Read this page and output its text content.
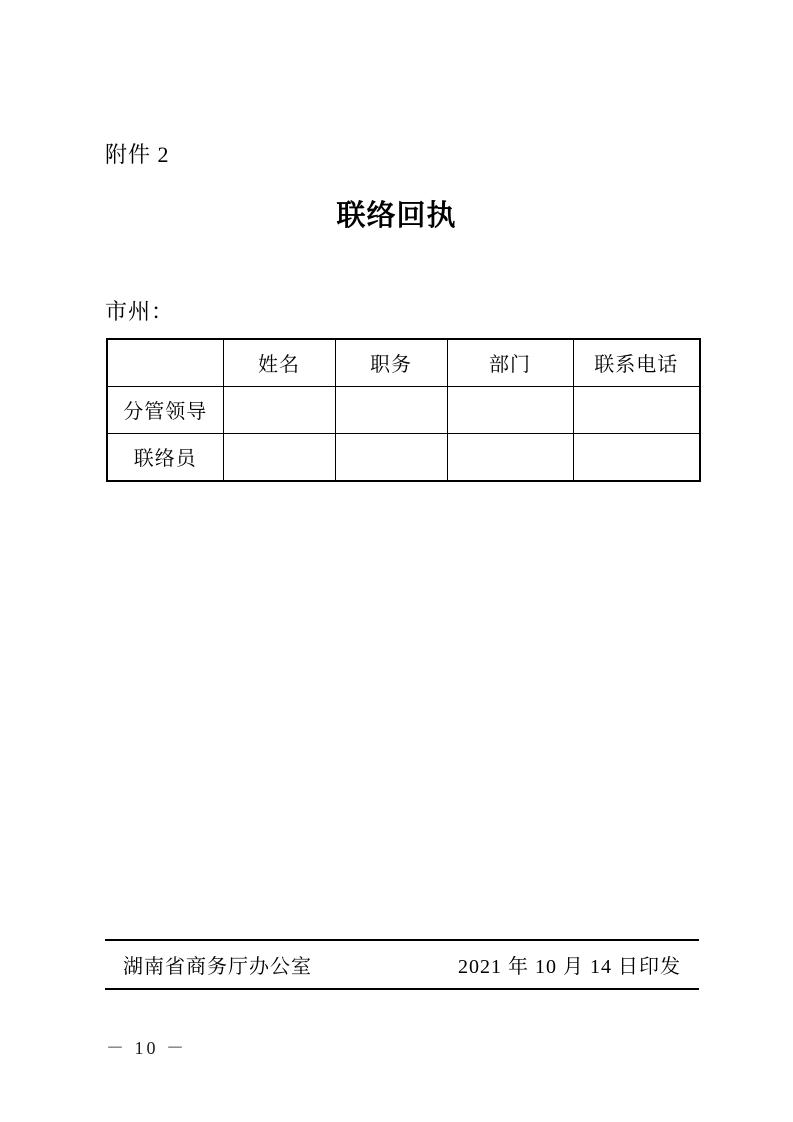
附件 2
联络回执
市州：
	姓名	职务	部门	联系电话
分管领导				
联络员				
湖南省商务厅办公室	2021 年 10 月 14 日印发
－ 10 －
